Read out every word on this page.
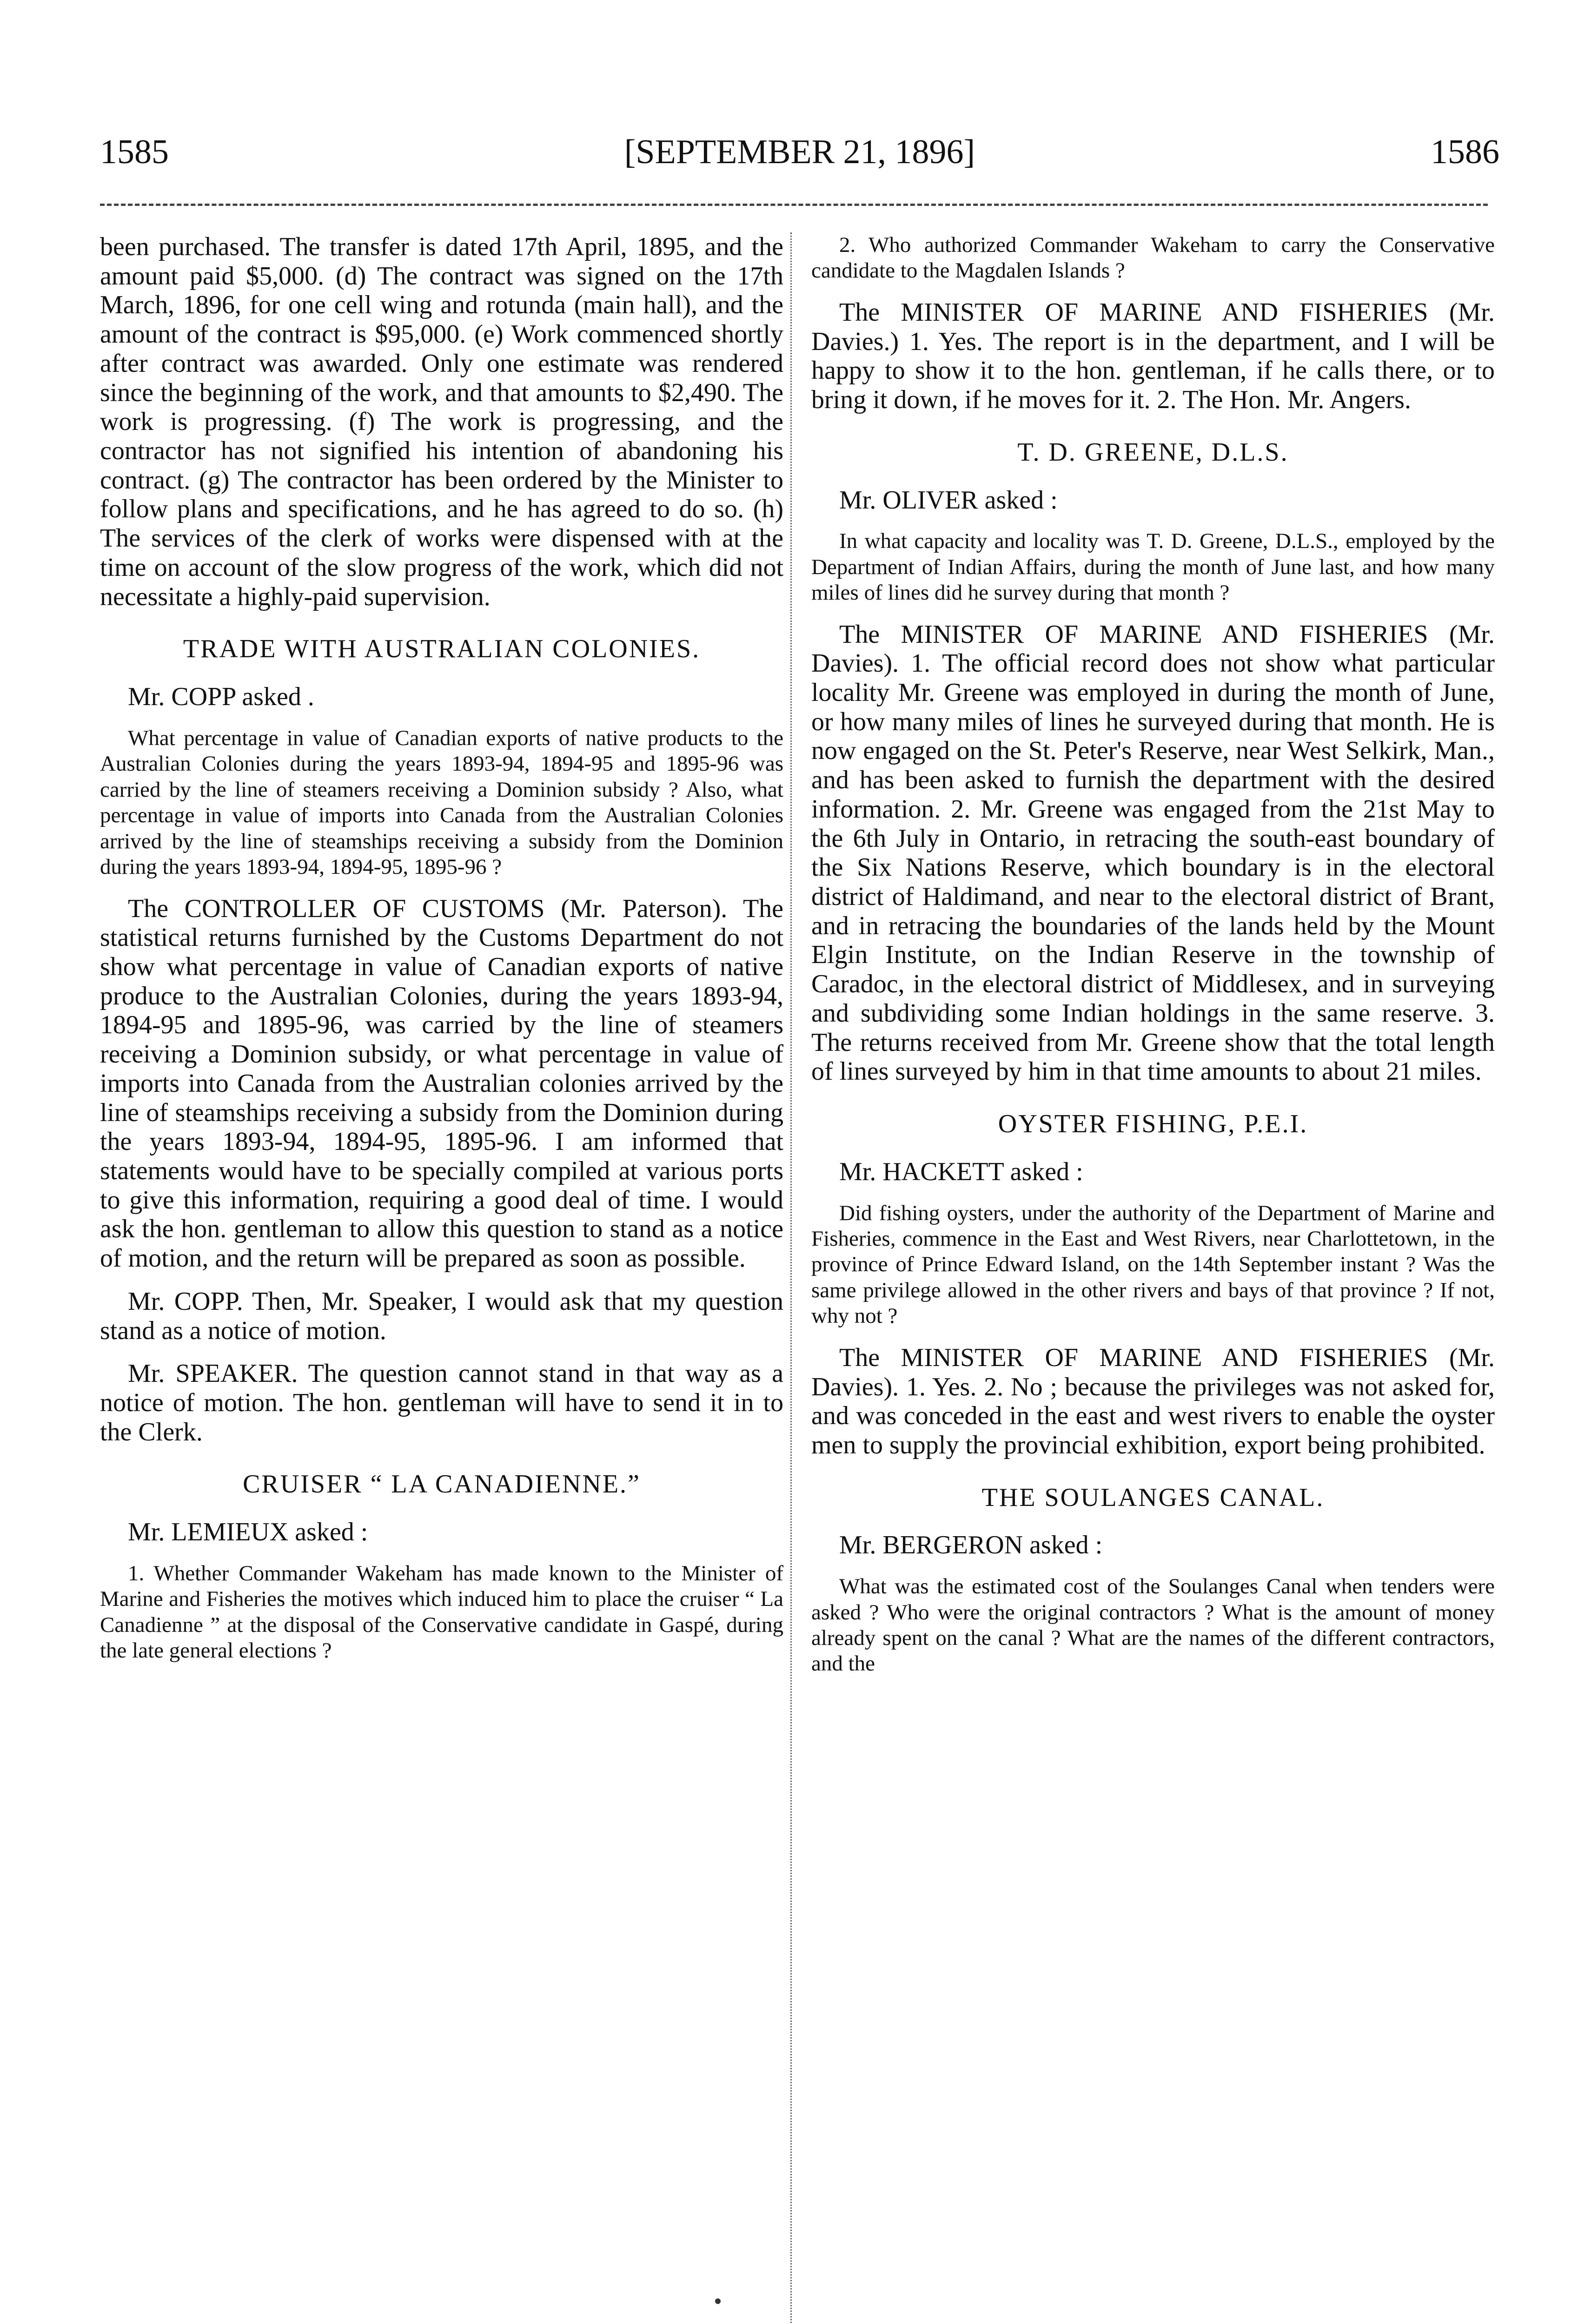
1585	[SEPTEMBER 21, 1896]	1586

been purchased. The transfer is dated 17th April, 1895, and the amount paid $5,000. (d) The contract was signed on the 17th March, 1896, for one cell wing and rotunda (main hall), and the amount of the contract is $95,000. (e) Work commenced shortly after contract was awarded. Only one estimate was rendered since the beginning of the work, and that amounts to $2,490. The work is progressing. (f) The work is progressing, and the contractor has not signified his intention of abandoning his contract. (g) The contractor has been ordered by the Minister to follow plans and specifications, and he has agreed to do so. (h) The services of the clerk of works were dispensed with at the time on account of the slow progress of the work, which did not necessitate a highly-paid supervision.

TRADE WITH AUSTRALIAN COLONIES.

Mr. COPP asked .

What percentage in value of Canadian exports of native products to the Australian Colonies during the years 1893-94, 1894-95 and 1895-96 was carried by the line of steamers receiving a Dominion subsidy ? Also, what percentage in value of imports into Canada from the Australian Colonies arrived by the line of steamships receiving a subsidy from the Dominion during the years 1893-94, 1894-95, 1895-96 ?

The CONTROLLER OF CUSTOMS (Mr. Paterson). The statistical returns furnished by the Customs Department do not show what percentage in value of Canadian exports of native produce to the Australian Colonies, during the years 1893-94, 1894-95 and 1895-96, was carried by the line of steamers receiving a Dominion subsidy, or what percentage in value of imports into Canada from the Australian colonies arrived by the line of steamships receiving a subsidy from the Dominion during the years 1893-94, 1894-95, 1895-96. I am informed that statements would have to be specially compiled at various ports to give this information, requiring a good deal of time. I would ask the hon. gentleman to allow this question to stand as a notice of motion, and the return will be prepared as soon as possible.

Mr. COPP. Then, Mr. Speaker, I would ask that my question stand as a notice of motion.

Mr. SPEAKER. The question cannot stand in that way as a notice of motion. The hon. gentleman will have to send it in to the Clerk.

CRUISER “ LA CANADIENNE.”

Mr. LEMIEUX asked :

1. Whether Commander Wakeham has made known to the Minister of Marine and Fisheries the motives which induced him to place the cruiser “ La Canadienne ” at the disposal of the Conservative candidate in Gaspé, during the late general elections ?

2. Who authorized Commander Wakeham to carry the Conservative candidate to the Magdalen Islands ?

The MINISTER OF MARINE AND FISHERIES (Mr. Davies.) 1. Yes. The report is in the department, and I will be happy to show it to the hon. gentleman, if he calls there, or to bring it down, if he moves for it. 2. The Hon. Mr. Angers.

T. D. GREENE, D.L.S.

Mr. OLIVER asked :

In what capacity and locality was T. D. Greene, D.L.S., employed by the Department of Indian Affairs, during the month of June last, and how many miles of lines did he survey during that month ?

The MINISTER OF MARINE AND FISHERIES (Mr. Davies). 1. The official record does not show what particular locality Mr. Greene was employed in during the month of June, or how many miles of lines he surveyed during that month. He is now engaged on the St. Peter's Reserve, near West Selkirk, Man., and has been asked to furnish the department with the desired information. 2. Mr. Greene was engaged from the 21st May to the 6th July in Ontario, in retracing the south-east boundary of the Six Nations Reserve, which boundary is in the electoral district of Haldimand, and near to the electoral district of Brant, and in retracing the boundaries of the lands held by the Mount Elgin Institute, on the Indian Reserve in the township of Caradoc, in the electoral district of Middlesex, and in surveying and subdividing some Indian holdings in the same reserve. 3. The returns received from Mr. Greene show that the total length of lines surveyed by him in that time amounts to about 21 miles.

OYSTER FISHING, P.E.I.

Mr. HACKETT asked :

Did fishing oysters, under the authority of the Department of Marine and Fisheries, commence in the East and West Rivers, near Charlottetown, in the province of Prince Edward Island, on the 14th September instant ? Was the same privilege allowed in the other rivers and bays of that province ? If not, why not ?

The MINISTER OF MARINE AND FISHERIES (Mr. Davies). 1. Yes. 2. No ; because the privileges was not asked for, and was conceded in the east and west rivers to enable the oyster men to supply the provincial exhibition, export being prohibited.

THE SOULANGES CANAL.

Mr. BERGERON asked :

What was the estimated cost of the Soulanges Canal when tenders were asked ? Who were the original contractors ? What is the amount of money already spent on the canal ? What are the names of the different contractors, and the
